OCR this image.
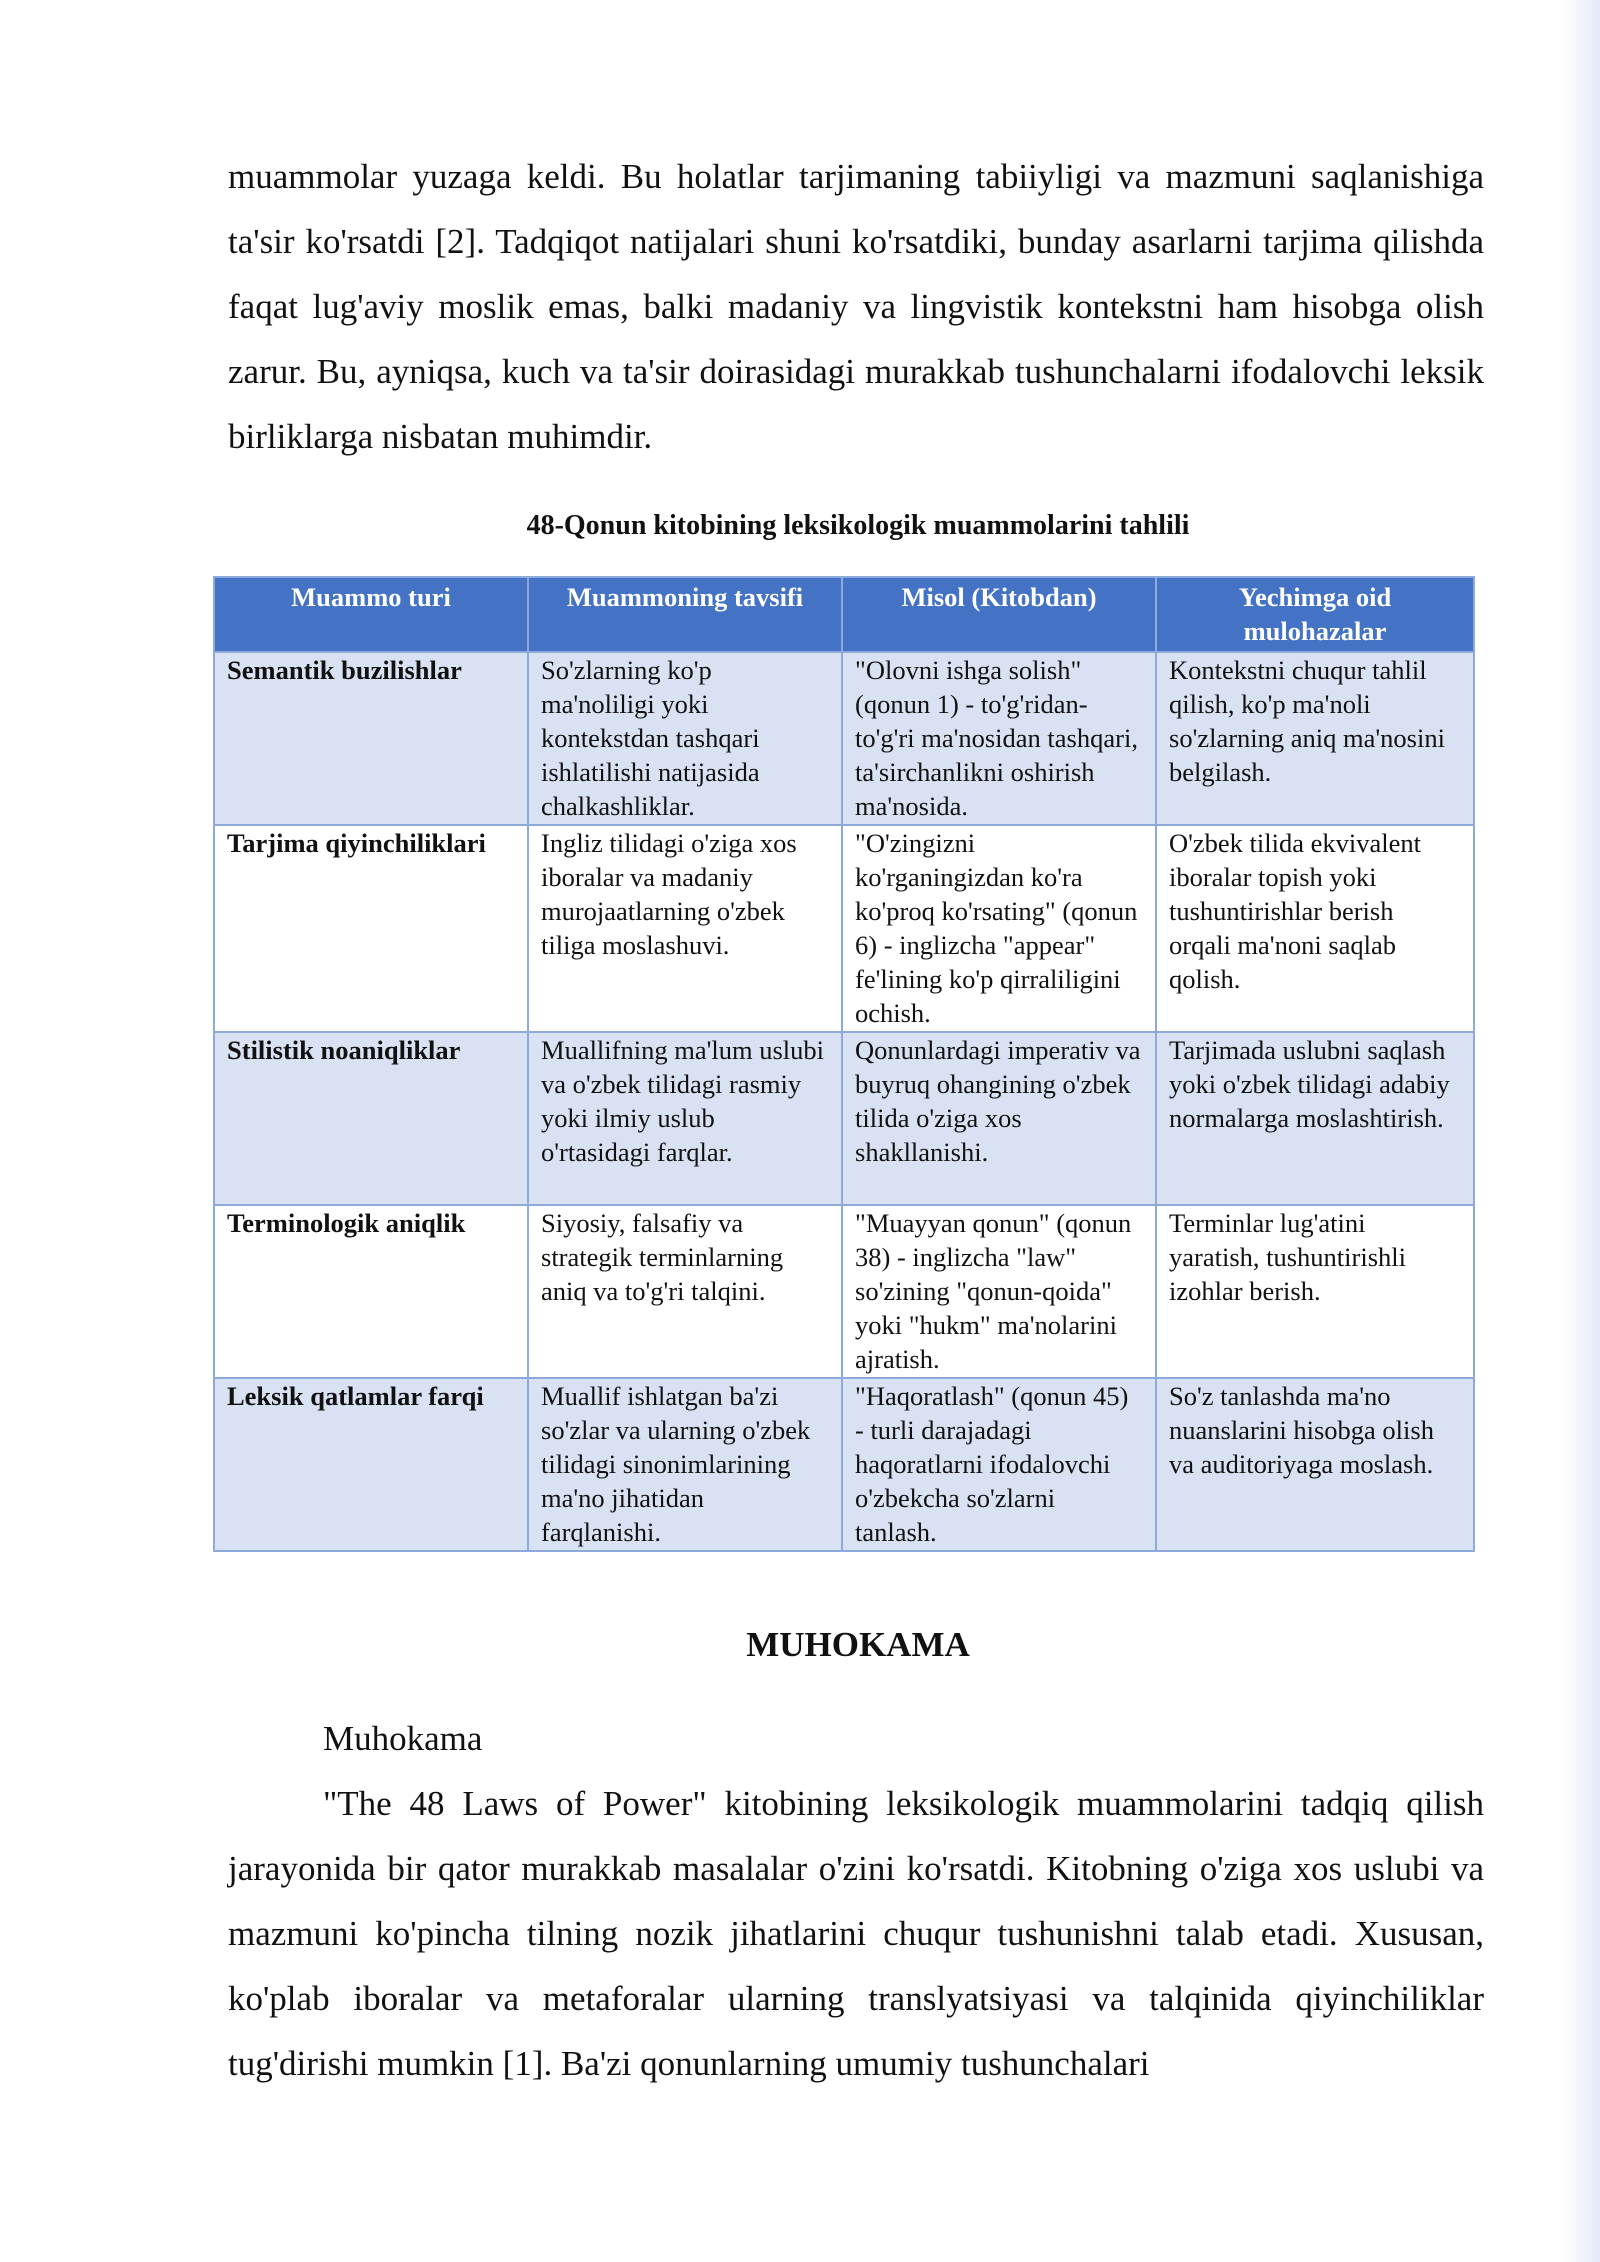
muammolar yuzaga keldi. Bu holatlar tarjimaning tabiiyligi va mazmuni saqlanishiga ta'sir ko'rsatdi [2]. Tadqiqot natijalari shuni ko'rsatdiki, bunday asarlarni tarjima qilishda faqat lug'aviy moslik emas, balki madaniy va lingvistik kontekstni ham hisobga olish zarur. Bu, ayniqsa, kuch va ta'sir doirasidagi murakkab tushunchalarni ifodalovchi leksik birliklarga nisbatan muhimdir.

48-Qonun kitobining leksikologik muammolarini tahlili

Muammo turi	Muammoning tavsifi	Misol (Kitobdan)	Yechimga oid mulohazalar
Semantik buzilishlar	So'zlarning ko'p ma'noliligi yoki kontekstdan tashqari ishlatilishi natijasida chalkashliklar.	"Olovni ishga solish" (qonun 1) - to'g'ridan-to'g'ri ma'nosidan tashqari, ta'sirchanlikni oshirish ma'nosida.	Kontekstni chuqur tahlil qilish, ko'p ma'noli so'zlarning aniq ma'nosini belgilash.
Tarjima qiyinchiliklari	Ingliz tilidagi o'ziga xos iboralar va madaniy murojaatlarning o'zbek tiliga moslashuvi.	"O'zingizni ko'rganingizdan ko'ra ko'proq ko'rsating" (qonun 6) - inglizcha "appear" fe'lining ko'p qirraliligini ochish.	O'zbek tilida ekvivalent iboralar topish yoki tushuntirishlar berish orqali ma'noni saqlab qolish.
Stilistik noaniqliklar	Muallifning ma'lum uslubi va o'zbek tilidagi rasmiy yoki ilmiy uslub o'rtasidagi farqlar.	Qonunlardagi imperativ va buyruq ohangining o'zbek tilida o'ziga xos shakllanishi.	Tarjimada uslubni saqlash yoki o'zbek tilidagi adabiy normalarga moslashtirish.
Terminologik aniqlik	Siyosiy, falsafiy va strategik terminlarning aniq va to'g'ri talqini.	"Muayyan qonun" (qonun 38) - inglizcha "law" so'zining "qonun-qoida" yoki "hukm" ma'nolarini ajratish.	Terminlar lug'atini yaratish, tushuntirishli izohlar berish.
Leksik qatlamlar farqi	Muallif ishlatgan ba'zi so'zlar va ularning o'zbek tilidagi sinonimlarining ma'no jihatidan farqlanishi.	"Haqoratlash" (qonun 45) - turli darajadagi haqoratlarni ifodalovchi o'zbekcha so'zlarni tanlash.	So'z tanlashda ma'no nuanslarini hisobga olish va auditoriyaga moslash.
MUHOKAMA

Muhokama

"The 48 Laws of Power" kitobining leksikologik muammolarini tadqiq qilish jarayonida bir qator murakkab masalalar o'zini ko'rsatdi. Kitobning o'ziga xos uslubi va mazmuni ko'pincha tilning nozik jihatlarini chuqur tushunishni talab etadi. Xususan, ko'plab iboralar va metaforalar ularning translyatsiyasi va talqinida qiyinchiliklar tug'dirishi mumkin [1]. Ba'zi qonunlarning umumiy tushunchalari
